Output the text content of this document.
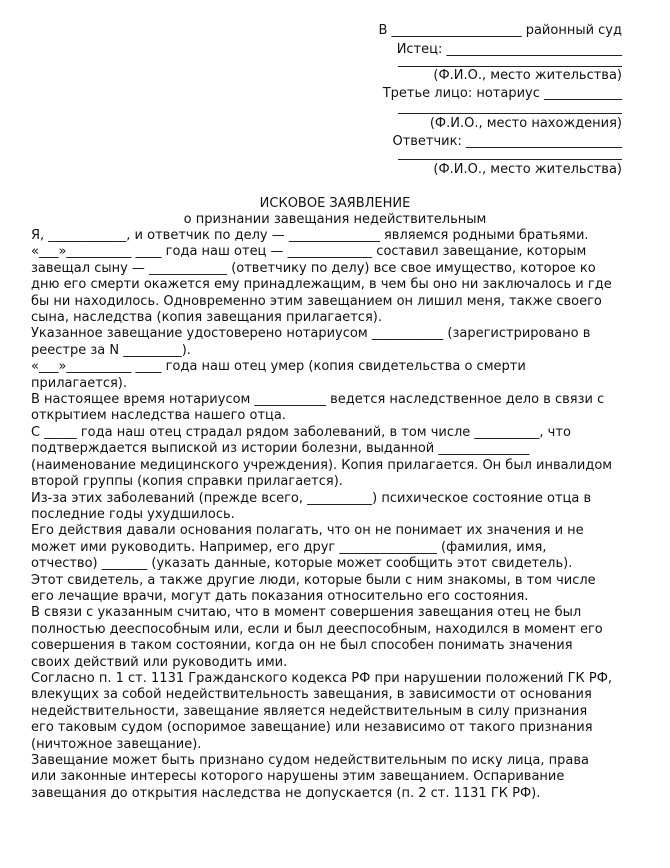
В ____________________ районный суд
Истец: ___________________________
(Ф.И.О., место жительства)
Третье лицо: нотариус ____________
(Ф.И.О., место нахождения)
Ответчик: ________________________
(Ф.И.О., место жительства)
ИСКОВОЕ ЗАЯВЛЕНИЕ
о признании завещания недействительным

Я, ____________, и ответчик по делу — ______________ являемся родными братьями.

«___»__________ ____ года наш отец — _____________ составил завещание, которым завещал сыну — ____________ (ответчику по делу) все свое имущество, которое ко дню его смерти окажется ему принадлежащим, в чем бы оно ни заключалось и где бы ни находилось. Одновременно этим завещанием он лишил меня, также своего сына, наследства (копия завещания прилагается).

Указанное завещание удостоверено нотариусом ___________ (зарегистрировано в реестре за N _________).

«___»__________ ____ года наш отец умер (копия свидетельства о смерти прилагается).

В настоящее время нотариусом ___________ ведется наследственное дело в связи с открытием наследства нашего отца.

С _____ года наш отец страдал рядом заболеваний, в том числе __________, что подтверждается выпиской из истории болезни, выданной ______________ (наименование медицинского учреждения). Копия прилагается. Он был инвалидом второй группы (копия справки прилагается).

Из-за этих заболеваний (прежде всего, __________) психическое состояние отца в последние годы ухудшилось.

Его действия давали основания полагать, что он не понимает их значения и не может ими руководить. Например, его друг _______________ (фамилия, имя, отчество) _______ (указать данные, которые может сообщить этот свидетель).

Этот свидетель, а также другие люди, которые были с ним знакомы, в том числе его лечащие врачи, могут дать показания относительно его состояния.

В связи с указанным считаю, что в момент совершения завещания отец не был полностью дееспособным или, если и был дееспособным, находился в момент его совершения в таком состоянии, когда он не был способен понимать значения своих действий или руководить ими.

Согласно п. 1 ст. 1131 Гражданского кодекса РФ при нарушении положений ГК РФ, влекущих за собой недействительность завещания, в зависимости от основания недействительности, завещание является недействительным в силу признания его таковым судом (оспоримое завещание) или независимо от такого признания (ничтожное завещание).

Завещание может быть признано судом недействительным по иску лица, права или законные интересы которого нарушены этим завещанием. Оспаривание завещания до открытия наследства не допускается (п. 2 ст. 1131 ГК РФ).
